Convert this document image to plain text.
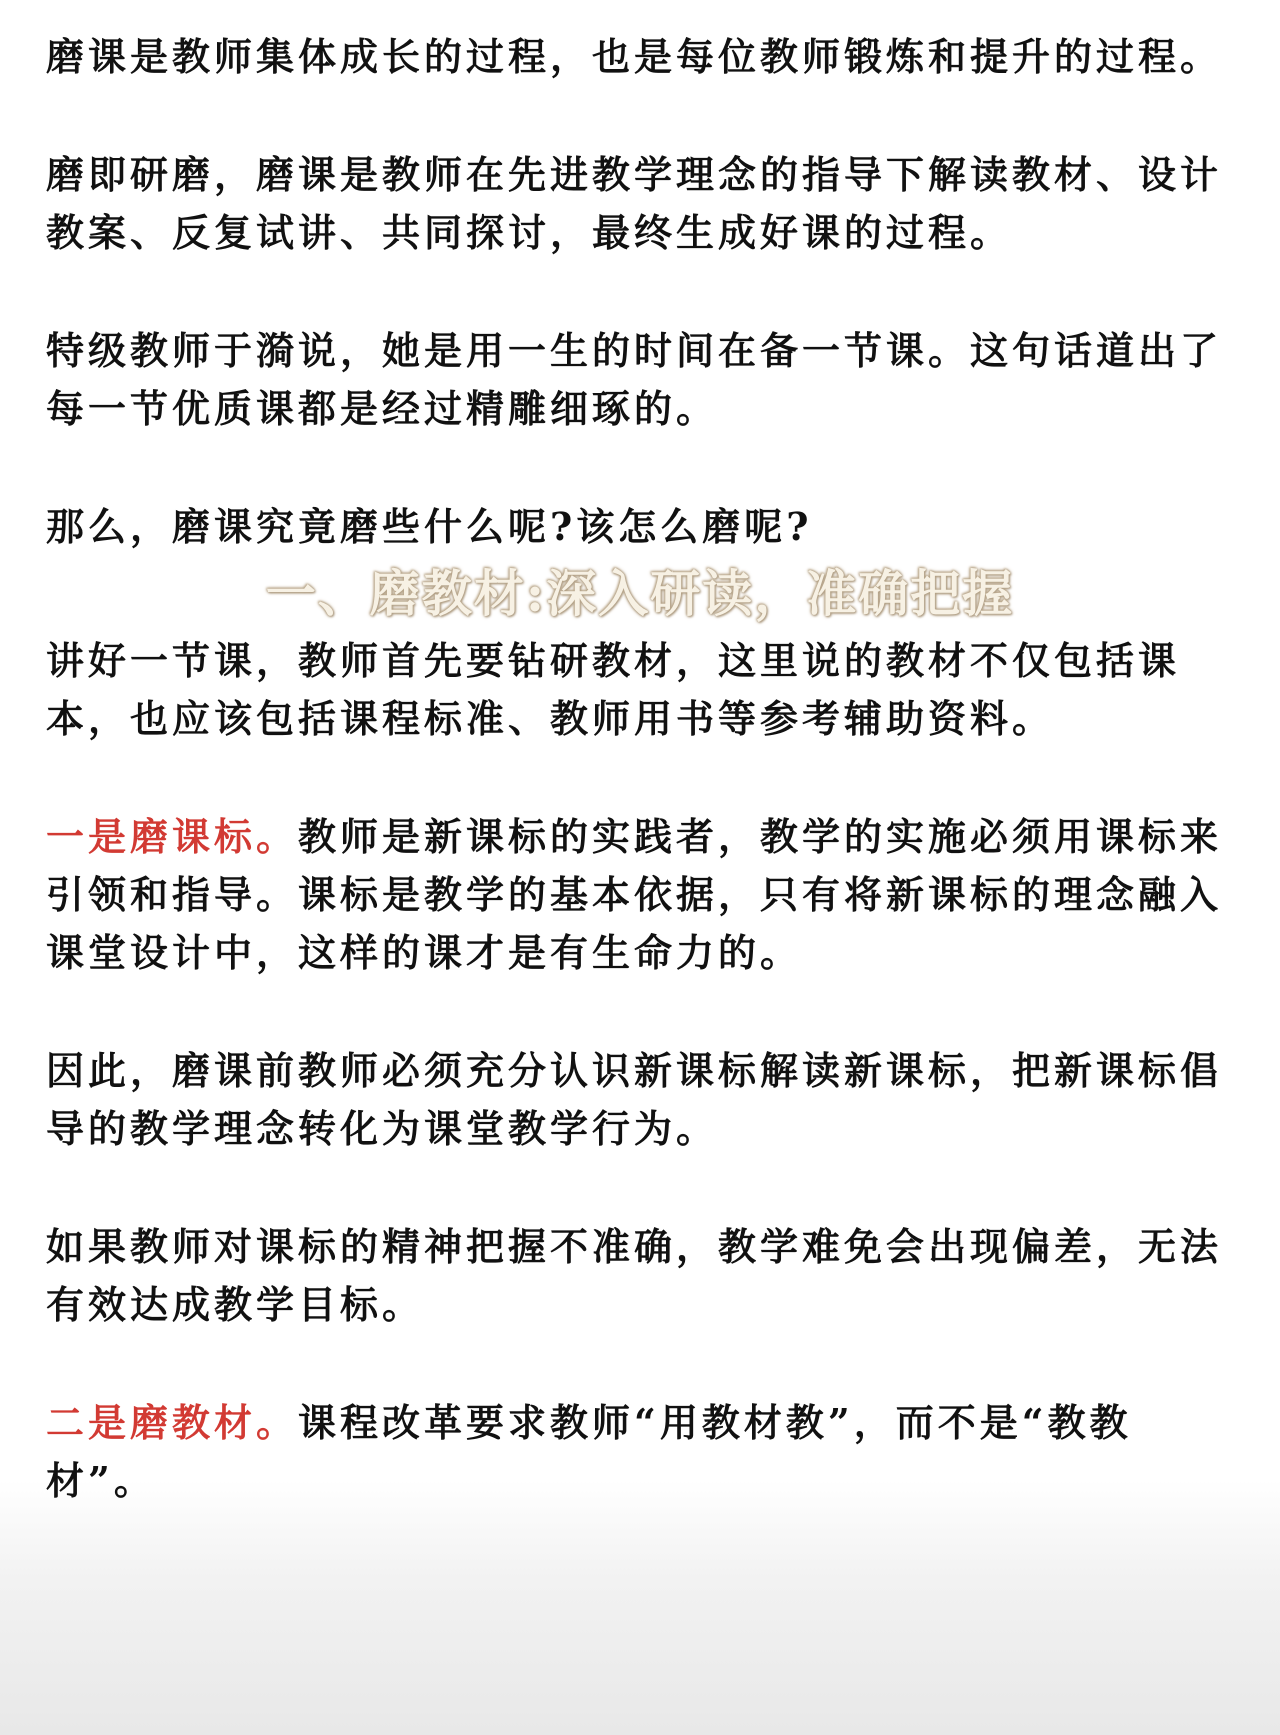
磨课是教师集体成长的过程，也是每位教师锻炼和提升的过程。

磨即研磨，磨课是教师在先进教学理念的指导下解读教材、设计教案、反复试讲、共同探讨，最终生成好课的过程。

特级教师于漪说，她是用一生的时间在备一节课。这句话道出了每一节优质课都是经过精雕细琢的。

那么，磨课究竟磨些什么呢?该怎么磨呢?

一、磨教材:深入研读，准确把握

讲好一节课，教师首先要钻研教材，这里说的教材不仅包括课本，也应该包括课程标准、教师用书等参考辅助资料。

一是磨课标。教师是新课标的实践者，教学的实施必须用课标来引领和指导。课标是教学的基本依据，只有将新课标的理念融入课堂设计中，这样的课才是有生命力的。

因此，磨课前教师必须充分认识新课标解读新课标，把新课标倡导的教学理念转化为课堂教学行为。

如果教师对课标的精神把握不准确，教学难免会出现偏差，无法有效达成教学目标。

二是磨教材。课程改革要求教师“用教材教”，而不是“教教材”。
